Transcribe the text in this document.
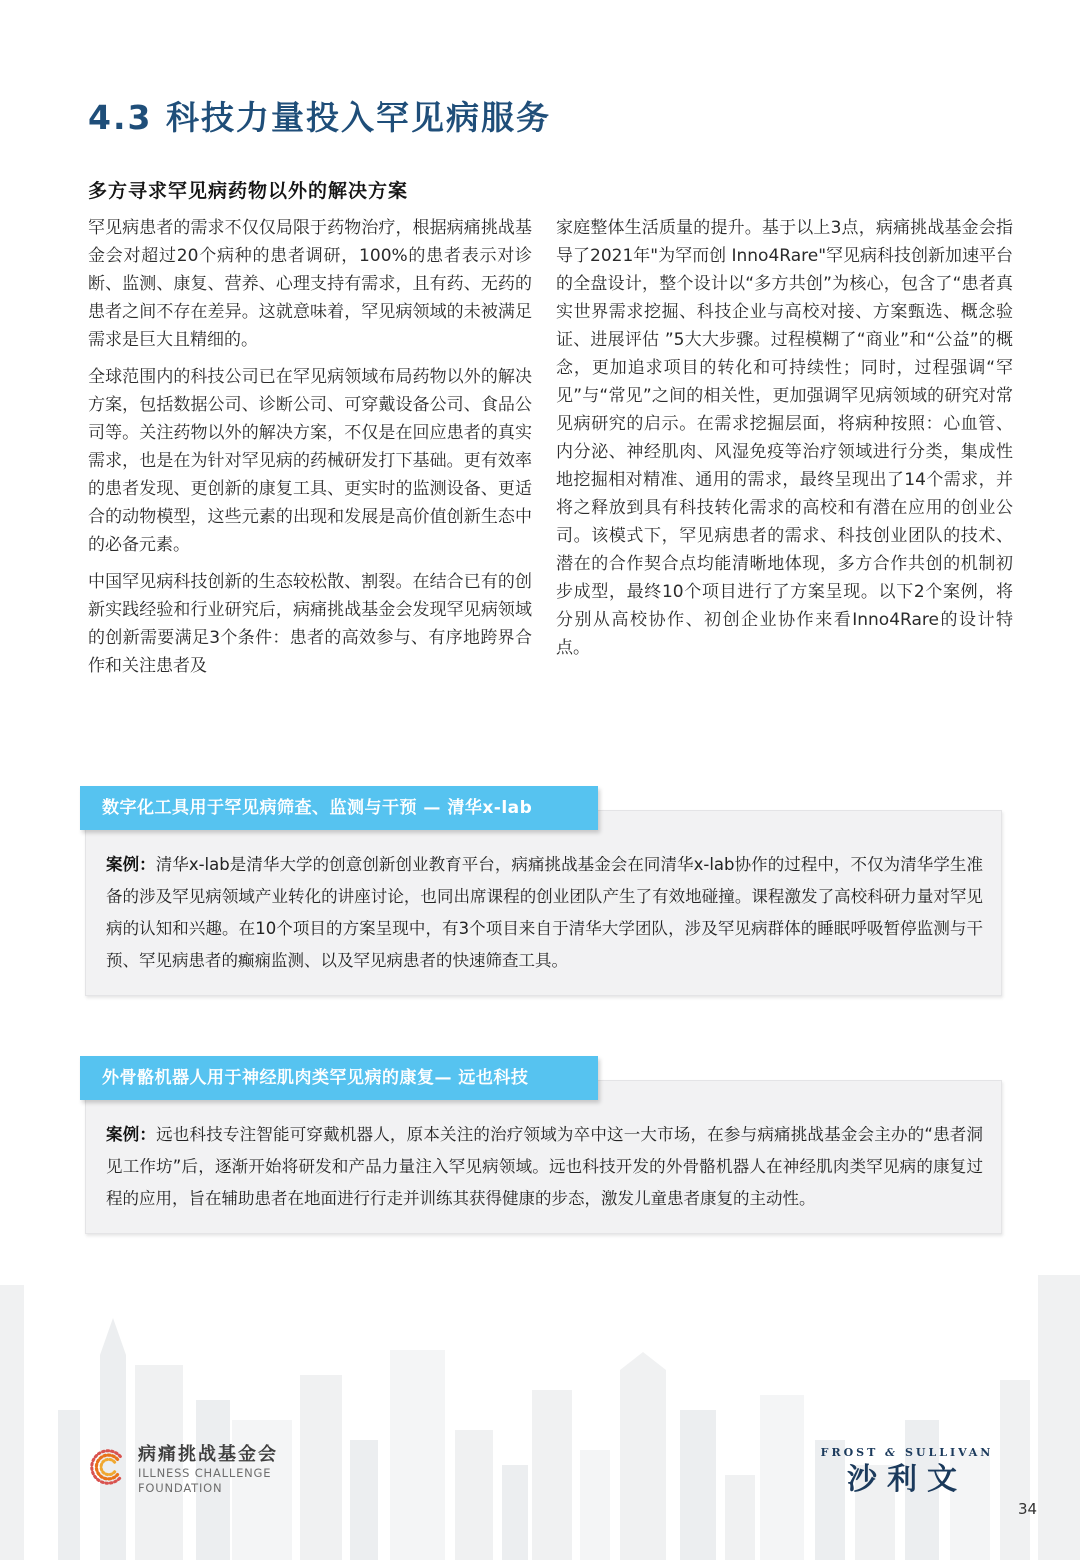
4.3 科技力量投入罕见病服务
多方寻求罕见病药物以外的解决方案

罕见病患者的需求不仅仅局限于药物治疗，根据病痛挑战基金会对超过20个病种的患者调研，100%的患者表示对诊断、监测、康复、营养、心理支持有需求，且有药、无药的患者之间不存在差异。这就意味着，罕见病领域的未被满足需求是巨大且精细的。

全球范围内的科技公司已在罕见病领域布局药物以外的解决方案，包括数据公司、诊断公司、可穿戴设备公司、食品公司等。关注药物以外的解决方案，不仅是在回应患者的真实需求，也是在为针对罕见病的药械研发打下基础。更有效率的患者发现、更创新的康复工具、更实时的监测设备、更适合的动物模型，这些元素的出现和发展是高价值创新生态中的必备元素。

中国罕见病科技创新的生态较松散、割裂。在结合已有的创新实践经验和行业研究后，病痛挑战基金会发现罕见病领域的创新需要满足3个条件：患者的高效参与、有序地跨界合作和关注患者及

家庭整体生活质量的提升。基于以上3点，病痛挑战基金会指导了2021年"为罕而创 Inno4Rare"罕见病科技创新加速平台的全盘设计，整个设计以“多方共创”为核心，包含了“患者真实世界需求挖掘、科技企业与高校对接、方案甄选、概念验证、进展评估 ”5大大步骤。过程模糊了“商业”和“公益”的概念，更加追求项目的转化和可持续性；同时，过程强调“罕见”与“常见”之间的相关性，更加强调罕见病领域的研究对常见病研究的启示。在需求挖掘层面，将病种按照：心血管、内分泌、神经肌肉、风湿免疫等治疗领域进行分类，集成性地挖掘相对精准、通用的需求，最终呈现出了14个需求，并将之释放到具有科技转化需求的高校和有潜在应用的创业公司。该模式下，罕见病患者的需求、科技创业团队的技术、潜在的合作契合点均能清晰地体现，多方合作共创的机制初步成型，最终10个项目进行了方案呈现。以下2个案例，将分别从高校协作、初创企业协作来看Inno4Rare的设计特点。

案例：清华x-lab是清华大学的创意创新创业教育平台，病痛挑战基金会在同清华x-lab协作的过程中，不仅为清华学生准备的涉及罕见病领域产业转化的讲座讨论，也同出席课程的创业团队产生了有效地碰撞。课程激发了高校科研力量对罕见病的认知和兴趣。在10个项目的方案呈现中，有3个项目来自于清华大学团队，涉及罕见病群体的睡眠呼吸暂停监测与干预、罕见病患者的癫痫监测、以及罕见病患者的快速筛查工具。

数字化工具用于罕见病筛查、监测与干预 — 清华x-lab

案例：远也科技专注智能可穿戴机器人，原本关注的治疗领域为卒中这一大市场，在参与病痛挑战基金会主办的“患者洞见工作坊”后，逐渐开始将研发和产品力量注入罕见病领域。远也科技开发的外骨骼机器人在神经肌肉类罕见病的康复过程的应用，旨在辅助患者在地面进行行走并训练其获得健康的步态，激发儿童患者康复的主动性。

外骨骼机器人用于神经肌肉类罕见病的康复— 远也科技
病痛挑战基金会
ILLNESS CHALLENGE
FOUNDATION
FROST & SULLIVAN
沙利文
34
